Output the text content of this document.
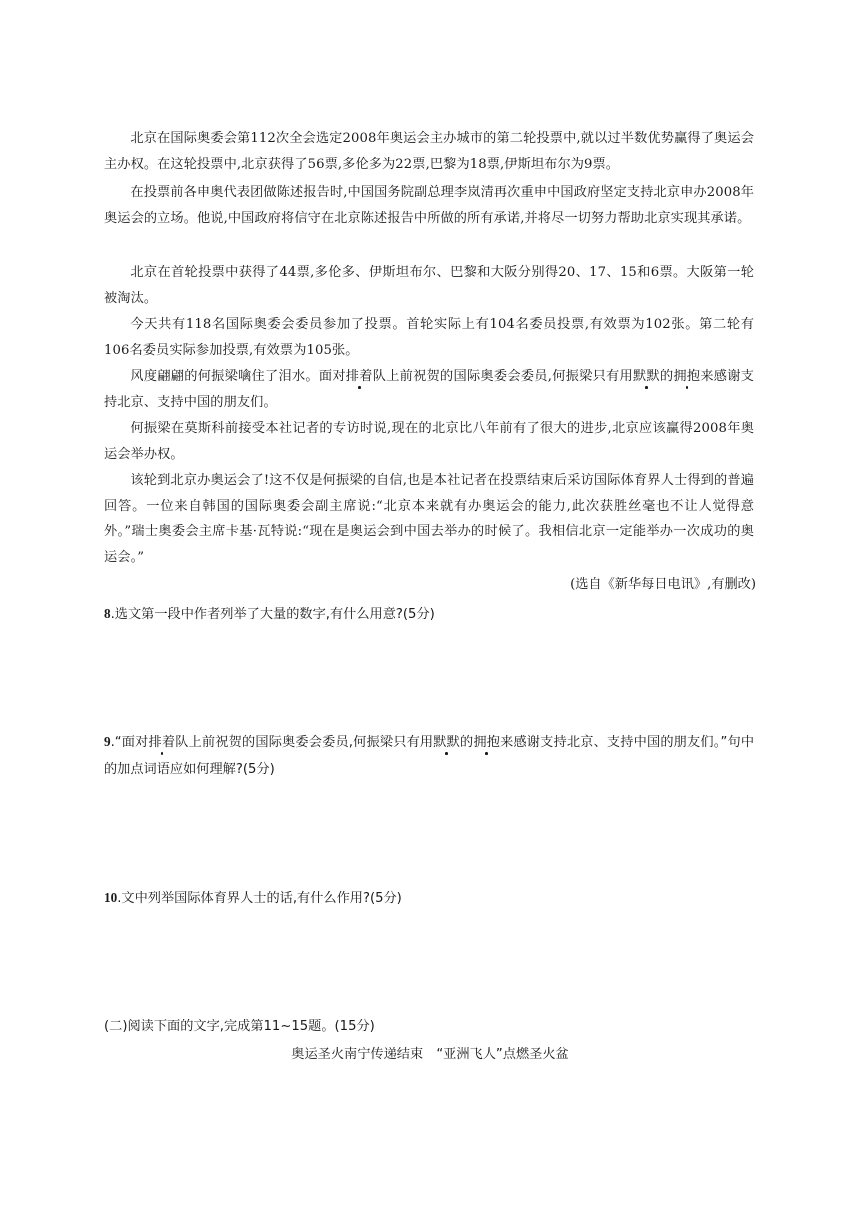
北京在国际奥委会第112次全会选定2008年奥运会主办城市的第二轮投票中,就以过半数优势赢得了奥运会主办权。在这轮投票中,北京获得了56票,多伦多为22票,巴黎为18票,伊斯坦布尔为9票。

在投票前各申奥代表团做陈述报告时,中国国务院副总理李岚清再次重申中国政府坚定支持北京申办2008年奥运会的立场。他说,中国政府将信守在北京陈述报告中所做的所有承诺,并将尽一切努力帮助北京实现其承诺。

北京在首轮投票中获得了44票,多伦多、伊斯坦布尔、巴黎和大阪分别得20、17、15和6票。大阪第一轮被淘汰。

今天共有118名国际奥委会委员参加了投票。首轮实际上有104名委员投票,有效票为102张。第二轮有106名委员实际参加投票,有效票为105张。

风度翩翩的何振梁噙住了泪水。面对排着队上前祝贺的国际奥委会委员,何振梁只有用默默的拥抱来感谢支持北京、支持中国的朋友们。

何振梁在莫斯科前接受本社记者的专访时说,现在的北京比八年前有了很大的进步,北京应该赢得2008年奥运会举办权。

该轮到北京办奥运会了!这不仅是何振梁的自信,也是本社记者在投票结束后采访国际体育界人士得到的普遍回答。一位来自韩国的国际奥委会副主席说:“北京本来就有办奥运会的能力,此次获胜丝毫也不让人觉得意外。”瑞士奥委会主席卡基·瓦特说:“现在是奥运会到中国去举办的时候了。我相信北京一定能举办一次成功的奥运会。”

(选自《新华每日电讯》,有删改)

8.选文第一段中作者列举了大量的数字,有什么用意?(5分)

9.“面对排着队上前祝贺的国际奥委会委员,何振梁只有用默默的拥抱来感谢支持北京、支持中国的朋友们。”句中的加点词语应如何理解?(5分)

10.文中列举国际体育界人士的话,有什么作用?(5分)

(二)阅读下面的文字,完成第11~15题。(15分)

奥运圣火南宁传递结束　“亚洲飞人”点燃圣火盆
